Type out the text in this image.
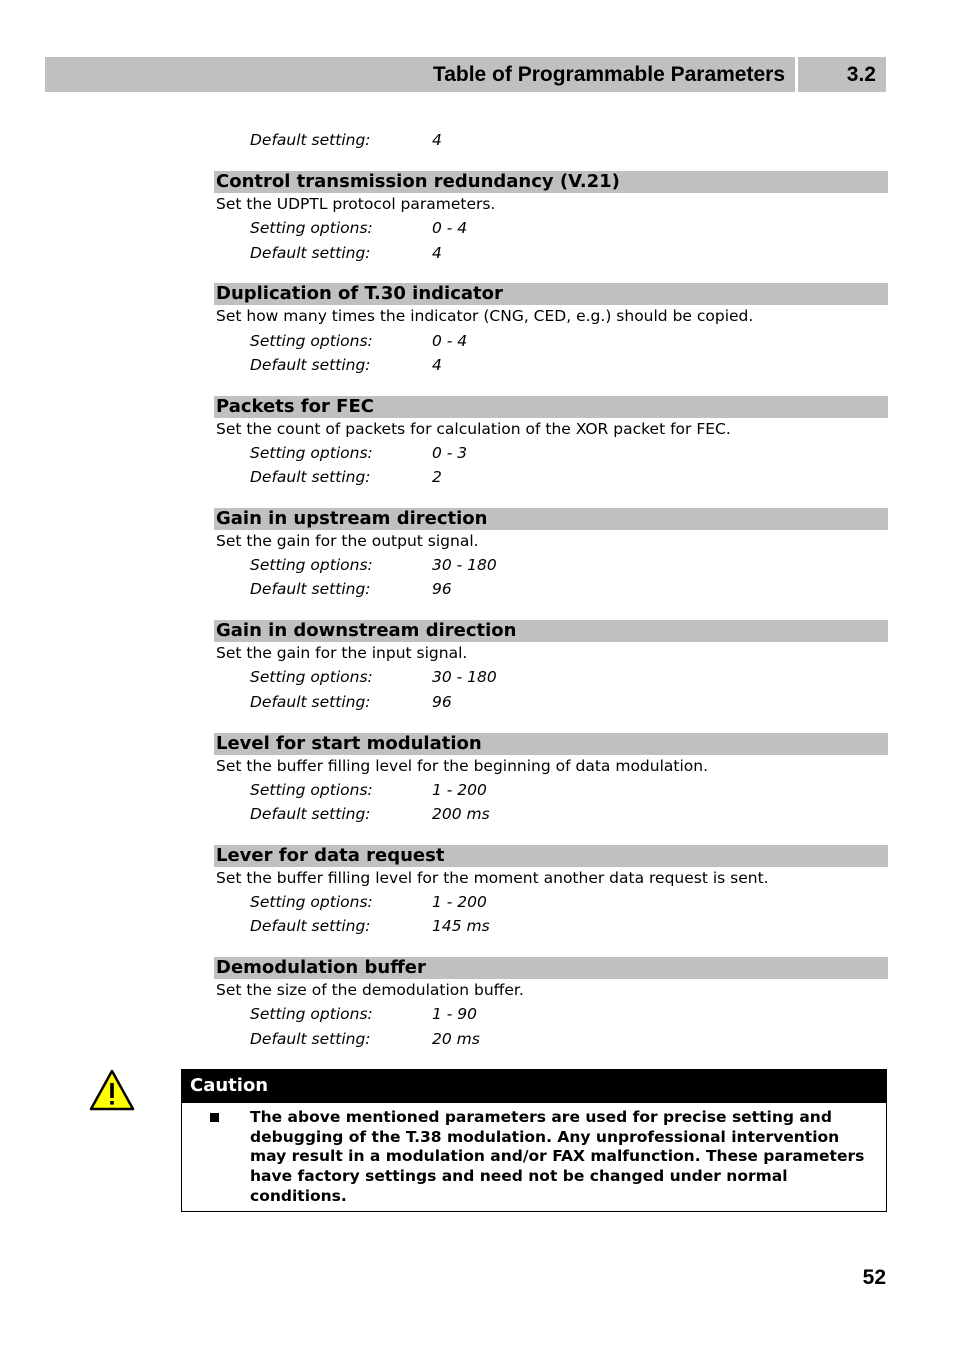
Table of Programmable Parameters	3.2
Default setting:	4
Control transmission redundancy (V.21)
Set the UDPTL protocol parameters.
Setting options:	0 - 4
Default setting:	4
Duplication of T.30 indicator
Set how many times the indicator (CNG, CED, e.g.) should be copied.
Setting options:	0 - 4
Default setting:	4
Packets for FEC
Set the count of packets for calculation of the XOR packet for FEC.
Setting options:	0 - 3
Default setting:	2
Gain in upstream direction
Set the gain for the output signal.
Setting options:	30 - 180
Default setting:	96
Gain in downstream direction
Set the gain for the input signal.
Setting options:	30 - 180
Default setting:	96
Level for start modulation
Set the buffer filling level for the beginning of data modulation.
Setting options:	1 - 200
Default setting:	200 ms
Lever for data request
Set the buffer filling level for the moment another data request is sent.
Setting options:	1 - 200
Default setting:	145 ms
Demodulation buffer
Set the size of the demodulation buffer.
Setting options:	1 - 90
Default setting:	20 ms
Caution
The above mentioned parameters are used for precise setting and debugging of the T.38 modulation. Any unprofessional intervention may result in a modulation and/or FAX malfunction. These parameters have factory settings and need not be changed under normal conditions.
52
